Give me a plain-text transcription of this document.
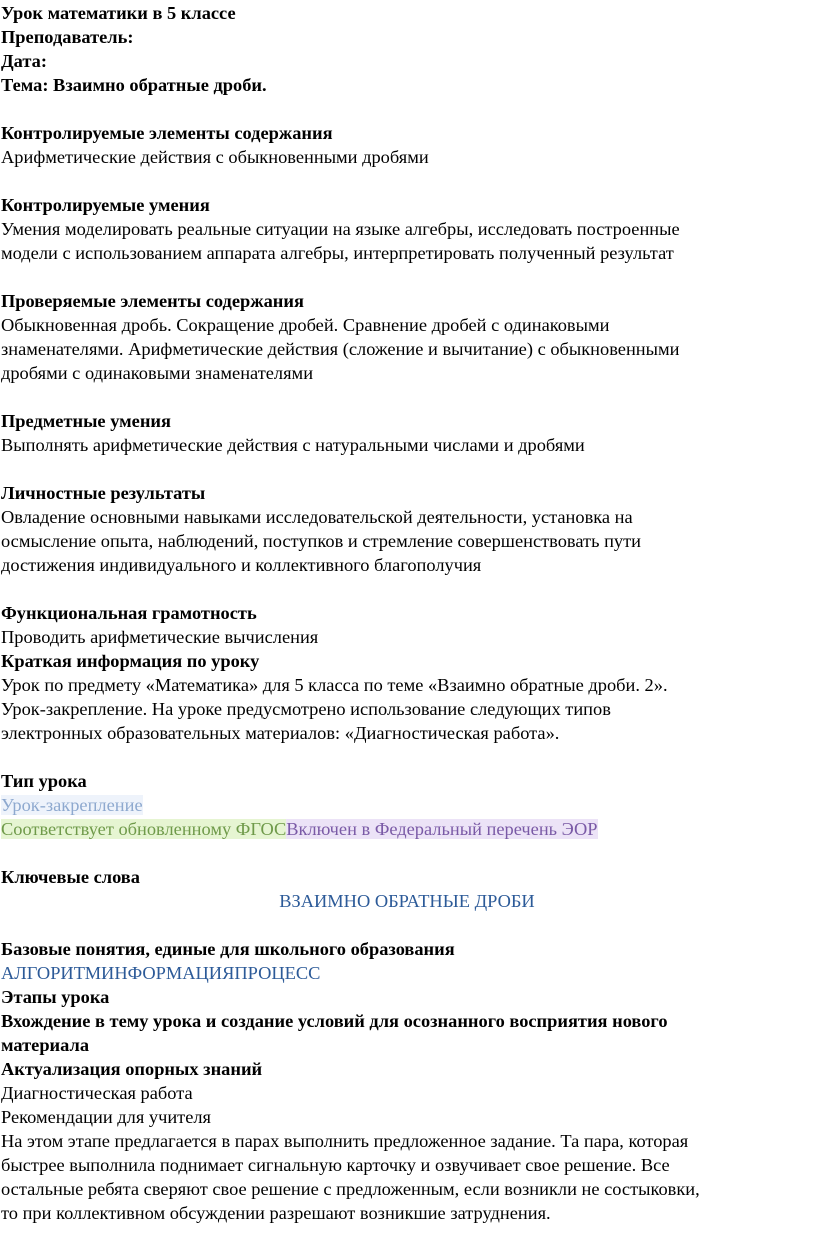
Урок математики в 5 классе
Преподаватель:
Дата:
Тема: Взаимно обратные дроби.
Контролируемые элементы содержания
Арифметические действия с обыкновенными дробями
Контролируемые умения
Умения моделировать реальные ситуации на языке алгебры, исследовать построенные
модели с использованием аппарата алгебры, интерпретировать полученный результат
Проверяемые элементы содержания
Обыкновенная дробь. Сокращение дробей. Сравнение дробей с одинаковыми
знаменателями. Арифметические действия (сложение и вычитание) с обыкновенными
дробями с одинаковыми знаменателями
Предметные умения
Выполнять арифметические действия с натуральными числами и дробями
Личностные результаты
Овладение основными навыками исследовательской деятельности, установка на
осмысление опыта, наблюдений, поступков и стремление совершенствовать пути
достижения индивидуального и коллективного благополучия
Функциональная грамотность
Проводить арифметические вычисления
Краткая информация по уроку
Урок по предмету «Математика» для 5 класса по теме «Взаимно обратные дроби. 2».
Урок-закрепление. На уроке предусмотрено использование следующих типов
электронных образовательных материалов: «Диагностическая работа».
Тип урока
Урок-закрепление
Соответствует обновленному ФГОСВключен в Федеральный перечень ЭОР
Ключевые слова
ВЗАИМНО ОБРАТНЫЕ ДРОБИ
Базовые понятия, единые для школьного образования
АЛГОРИТМИНФОРМАЦИЯПРОЦЕСС
Этапы урока
Вхождение в тему урока и создание условий для осознанного восприятия нового
материала
Актуализация опорных знаний
Диагностическая работа
Рекомендации для учителя
На этом этапе предлагается в парах выполнить предложенное задание. Та пара, которая
быстрее выполнила поднимает сигнальную карточку и озвучивает свое решение. Все
остальные ребята сверяют свое решение с предложенным, если возникли не состыковки,
то при коллективном обсуждении разрешают возникшие затруднения.
